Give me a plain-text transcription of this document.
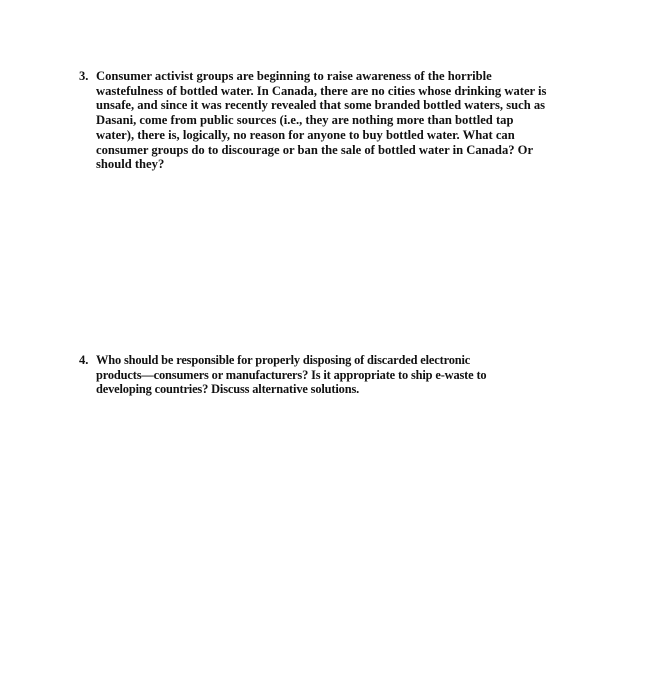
3. Consumer activist groups are beginning to raise awareness of the horrible
wastefulness of bottled water. In Canada, there are no cities whose drinking water is
unsafe, and since it was recently revealed that some branded bottled waters, such as
Dasani, come from public sources (i.e., they are nothing more than bottled tap
water), there is, logically, no reason for anyone to buy bottled water. What can
consumer groups do to discourage or ban the sale of bottled water in Canada? Or
should they?

4. Who should be responsible for properly disposing of discarded electronic
products—consumers or manufacturers? Is it appropriate to ship e-waste to
developing countries? Discuss alternative solutions.
